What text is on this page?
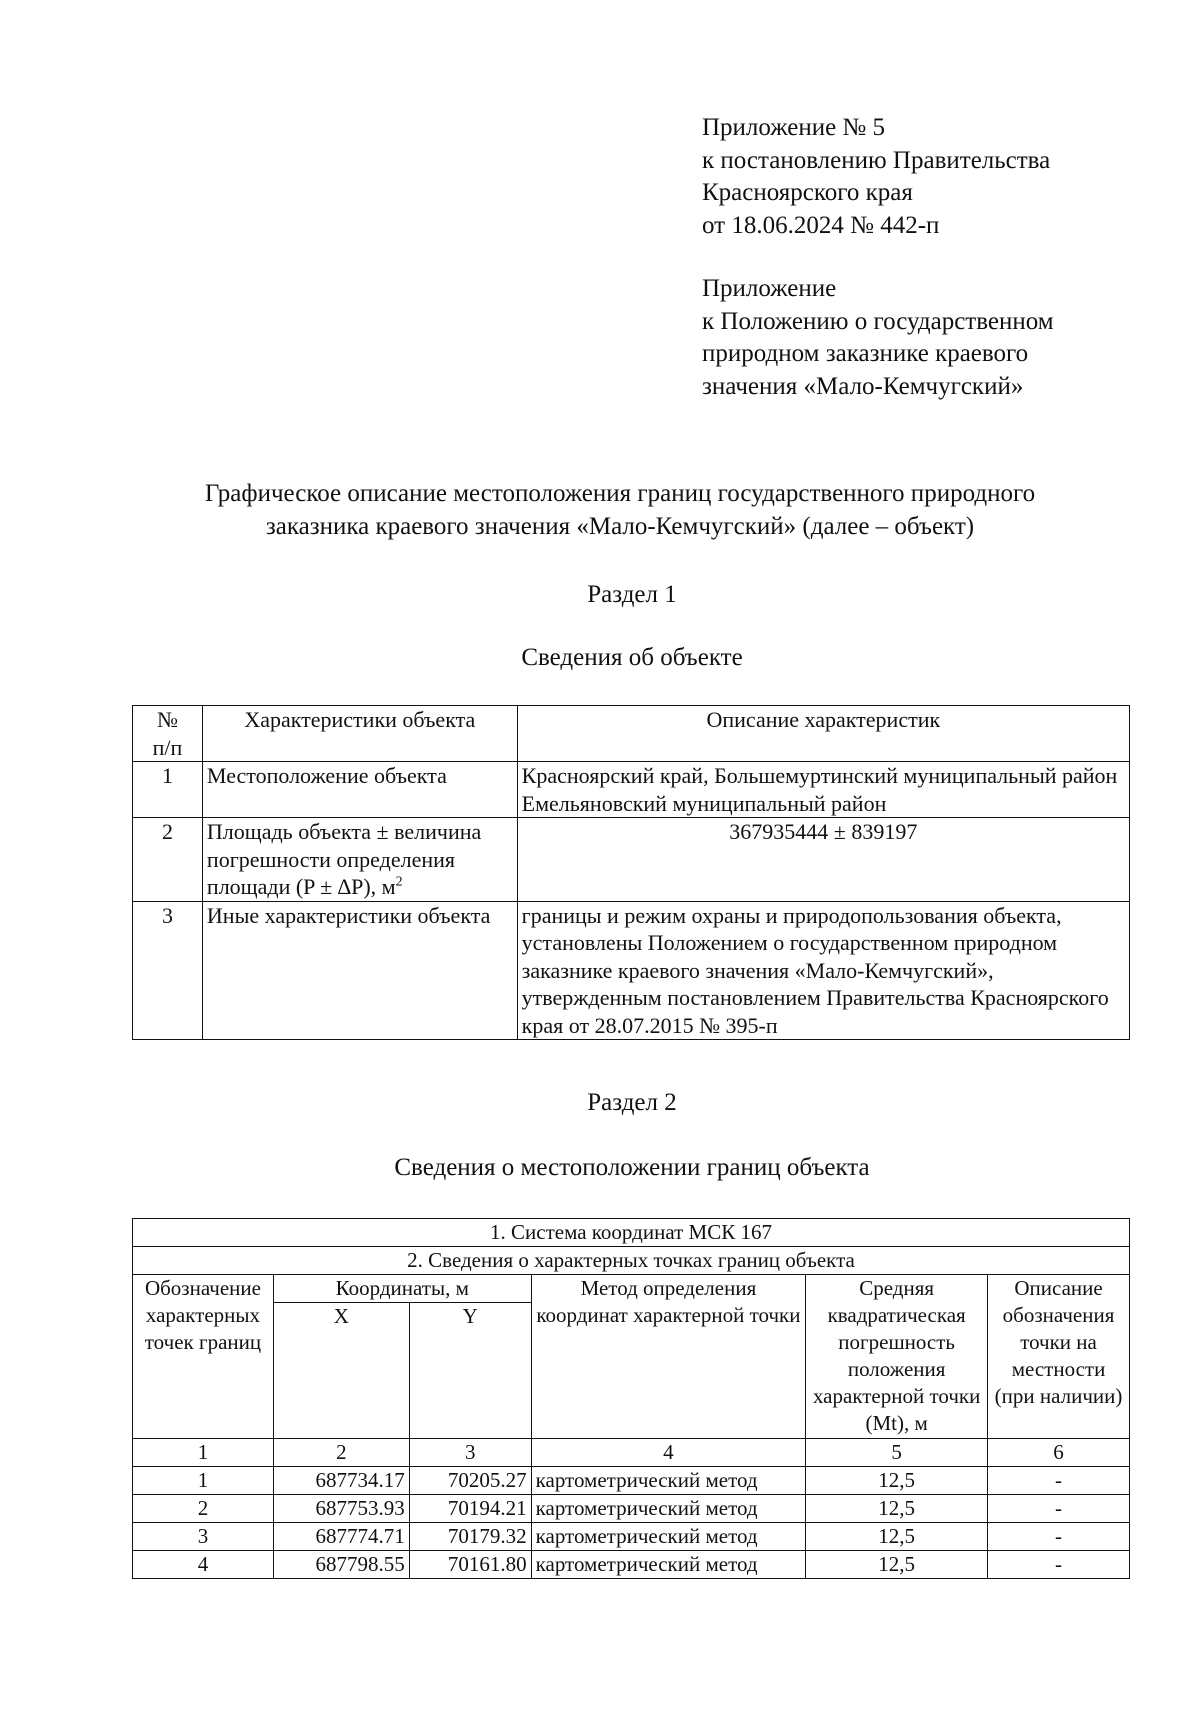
Приложение № 5
к постановлению Правительства
Красноярского края
от 18.06.2024 № 442-п
Приложение
к Положению о государственном
природном заказнике краевого
значения «Мало-Кемчугский»
Графическое описание местоположения границ государственного природного
заказника краевого значения «Мало-Кемчугский» (далее – объект)
Раздел 1
Сведения об объекте
№
п/п	Характеристики объекта	Описание характеристик
1	Местоположение объекта	Красноярский край, Большемуртинский муниципальный район Емельяновский муниципальный район
2	Площадь объекта ± величина погрешности определения площади (P ± ∆P), $м^2$	367935444 ± 839197
3	Иные характеристики объекта	границы и режим охраны и природопользования объекта, установлены Положением о государственном природном заказнике краевого значения «Мало-Кемчугский», утвержденным постановлением Правительства Красноярского края от 28.07.2015 № 395-п
Раздел 2
Сведения о местоположении границ объекта
1. Система координат МСК 167					
2. Сведения о характерных точках границ объекта					
Обозначение характерных точек границ	Координаты, м		Метод определения координат характерной точки	Средняя квадратическая погрешность положения характерной точки (Mt), м	Описание обозначения точки на местности (при наличии)
	X	Y			
1	2	3	4	5	6
1	687734.17	70205.27	картометрический метод	12,5	-
2	687753.93	70194.21	картометрический метод	12,5	-
3	687774.71	70179.32	картометрический метод	12,5	-
4	687798.55	70161.80	картометрический метод	12,5	-
